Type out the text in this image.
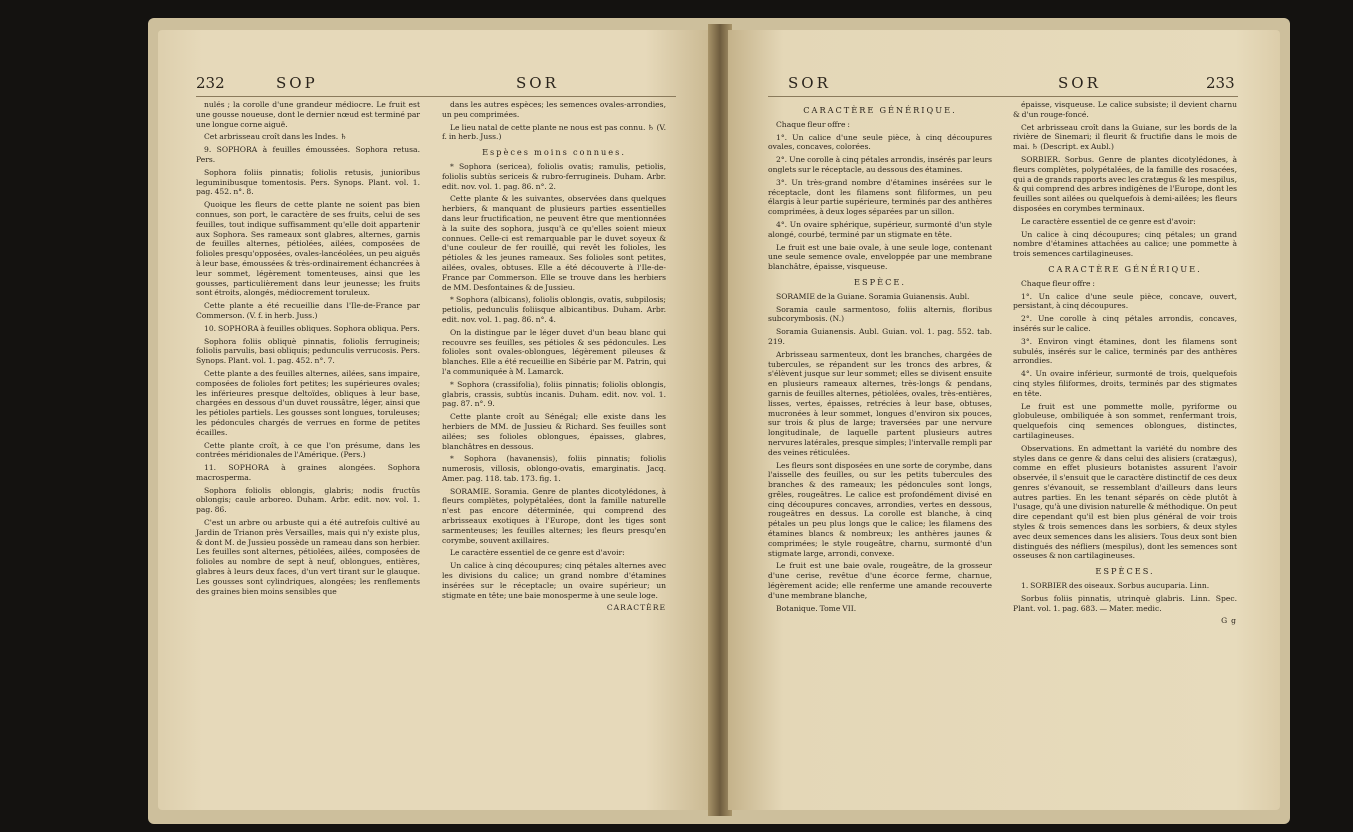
232	SOP	SOR

nulés ; la corolle d'une grandeur médiocre. Le fruit est une gousse noueuse, dont le dernier nœud est terminé par une longue corne aiguë.

Cet arbrisseau croît dans les Indes. ♄

9. SOPHORA à feuilles émoussées. Sophora retusa. Pers.

Sophora foliis pinnatis; foliolis retusis, junioribus leguminibusque tomentosis. Pers. Synops. Plant. vol. 1. pag. 452. n°. 8.

Quoique les fleurs de cette plante ne soient pas bien connues, son port, le caractère de ses fruits, celui de ses feuilles, tout indique suffisamment qu'elle doit appartenir aux Sophora. Ses rameaux sont glabres, alternes, garnis de feuilles alternes, pétiolées, ailées, composées de folioles presqu'opposées, ovales-lancéolées, un peu aiguës à leur base, émoussées & très-ordinairement échancrées à leur sommet, légèrement tomenteuses, ainsi que les gousses, particulièrement dans leur jeunesse; les fruits sont étroits, alongés, médiocrement toruleux.

Cette plante a été recueillie dans l'Ile-de-France par Commerson. (V. f. in herb. Juss.)

10. SOPHORA à feuilles obliques. Sophora obliqua. Pers.

Sophora foliis obliquè pinnatis, foliolis ferrugineis; foliolis parvulis, basi obliquis; pedunculis verrucosis. Pers. Synops. Plant. vol. 1. pag. 452. n°. 7.

Cette plante a des feuilles alternes, ailées, sans impaire, composées de folioles fort petites; les supérieures ovales; les inférieures presque deltoïdes, obliques à leur base, chargées en dessous d'un duvet roussâtre, léger, ainsi que les pétioles partiels. Les gousses sont longues, toruleuses; les pédoncules chargés de verrues en forme de petites écailles.

Cette plante croît, à ce que l'on présume, dans les contrées méridionales de l'Amérique. (Pers.)

11. SOPHORA à graines alongées. Sophora macrosperma.

Sophora foliolis oblongis, glabris; nodis fructûs oblongis; caule arboreo. Duham. Arbr. edit. nov. vol. 1. pag. 86.

C'est un arbre ou arbuste qui a été autrefois cultivé au Jardin de Trianon près Versailles, mais qui n'y existe plus, & dont M. de Jussieu possède un rameau dans son herbier. Les feuilles sont alternes, pétiolées, ailées, composées de folioles au nombre de sept à neuf, oblongues, entières, glabres à leurs deux faces, d'un vert tirant sur le glauque. Les gousses sont cylindriques, alongées; les renflements des graines bien moins sensibles que

dans les autres espèces; les semences ovales-arrondies, un peu comprimées.

Le lieu natal de cette plante ne nous est pas connu. ♄ (V. f. in herb. Juss.)

Espèces moins connues.

* Sophora (sericea), foliolis ovatis; ramulis, petiolis, foliolis subtùs sericeis & rubro-ferrugineis. Duham. Arbr. edit. nov. vol. 1. pag. 86. n°. 2.

Cette plante & les suivantes, observées dans quelques herbiers, & manquant de plusieurs parties essentielles dans leur fructification, ne peuvent être que mentionnées à la suite des sophora, jusqu'à ce qu'elles soient mieux connues. Celle-ci est remarquable par le duvet soyeux & d'une couleur de fer rouillé, qui revêt les folioles, les pétioles & les jeunes rameaux. Ses folioles sont petites, ailées, ovales, obtuses. Elle a été découverte à l'Ile-de-France par Commerson. Elle se trouve dans les herbiers de MM. Desfontaines & de Jussieu.

* Sophora (albicans), foliolis oblongis, ovatis, subpilosis; petiolis, pedunculis foliisque albicantibus. Duham. Arbr. edit. nov. vol. 1. pag. 86. n°. 4.

On la distingue par le léger duvet d'un beau blanc qui recouvre ses feuilles, ses pétioles & ses pédoncules. Les folioles sont ovales-oblongues, légèrement pileuses & blanches. Elle a été recueillie en Sibérie par M. Patrin, qui l'a communiquée à M. Lamarck.

* Sophora (crassifolia), foliis pinnatis; foliolis oblongis, glabris, crassis, subtùs incanis. Duham. edit. nov. vol. 1. pag. 87. n°. 9.

Cette plante croît au Sénégal; elle existe dans les herbiers de MM. de Jussieu & Richard. Ses feuilles sont ailées; ses folioles oblongues, épaisses, glabres, blanchâtres en dessous.

* Sophora (havanensis), foliis pinnatis; foliolis numerosis, villosis, oblongo-ovatis, emarginatis. Jacq. Amer. pag. 118. tab. 173. fig. 1.

SORAMIE. Soramia. Genre de plantes dicotylédones, à fleurs complètes, polypétalées, dont la famille naturelle n'est pas encore déterminée, qui comprend des arbrisseaux exotiques à l'Europe, dont les tiges sont sarmenteuses; les feuilles alternes; les fleurs presqu'en corymbe, souvent axillaires.

Le caractère essentiel de ce genre est d'avoir:

Un calice à cinq découpures; cinq pétales alternes avec les divisions du calice; un grand nombre d'étamines insérées sur le réceptacle; un ovaire supérieur; un stigmate en tête; une baie monosperme à une seule loge.

CARACTÈRE

SOR	SOR	233

CARACTÈRE GÉNÉRIQUE.

Chaque fleur offre :

1°. Un calice d'une seule pièce, à cinq découpures ovales, concaves, colorées.

2°. Une corolle à cinq pétales arrondis, insérés par leurs onglets sur le réceptacle, au dessous des étamines.

3°. Un très-grand nombre d'étamines insérées sur le réceptacle, dont les filamens sont filiformes, un peu élargis à leur partie supérieure, terminés par des anthères comprimées, à deux loges séparées par un sillon.

4°. Un ovaire sphérique, supérieur, surmonté d'un style alongé, courbé, terminé par un stigmate en tête.

Le fruit est une baie ovale, à une seule loge, contenant une seule semence ovale, enveloppée par une membrane blanchâtre, épaisse, visqueuse.

ESPÈCE.

SORAMIE de la Guiane. Soramia Guianensis. Aubl.

Soramia caule sarmentoso, foliis alternis, floribus subcorymbosis. (N.)

Soramia Guianensis. Aubl. Guian. vol. 1. pag. 552. tab. 219.

Arbrisseau sarmenteux, dont les branches, chargées de tubercules, se répandent sur les troncs des arbres, & s'élèvent jusque sur leur sommet; elles se divisent ensuite en plusieurs rameaux alternes, très-longs & pendans, garnis de feuilles alternes, pétiolées, ovales, très-entières, lisses, vertes, épaisses, retrécies à leur base, obtuses, mucronées à leur sommet, longues d'environ six pouces, sur trois & plus de large; traversées par une nervure longitudinale, de laquelle partent plusieurs autres nervures latérales, presque simples; l'intervalle rempli par des veines réticulées.

Les fleurs sont disposées en une sorte de corymbe, dans l'aisselle des feuilles, ou sur les petits tubercules des branches & des rameaux; les pédoncules sont longs, grêles, rougeâtres. Le calice est profondément divisé en cinq découpures concaves, arrondies, vertes en dessous, rougeâtres en dessus. La corolle est blanche, à cinq pétales un peu plus longs que le calice; les filamens des étamines blancs & nombreux; les anthères jaunes & comprimées; le style rougeâtre, charnu, surmonté d'un stigmate large, arrondi, convexe.

Le fruit est une baie ovale, rougeâtre, de la grosseur d'une cerise, revêtue d'une écorce ferme, charnue, légèrement acide; elle renferme une amande recouverte d'une membrane blanche,

Botanique. Tome VII.

épaisse, visqueuse. Le calice subsiste; il devient charnu & d'un rouge-foncé.

Cet arbrisseau croît dans la Guiane, sur les bords de la rivière de Sinemari; il fleurit & fructifie dans le mois de mai. ♄ (Descript. ex Aubl.)

SORBIER. Sorbus. Genre de plantes dicotylédones, à fleurs complètes, polypétalées, de la famille des rosacées, qui a de grands rapports avec les cratægus & les mespilus, & qui comprend des arbres indigènes de l'Europe, dont les feuilles sont ailées ou quelquefois à demi-ailées; les fleurs disposées en corymbes terminaux.

Le caractère essentiel de ce genre est d'avoir:

Un calice à cinq découpures; cinq pétales; un grand nombre d'étamines attachées au calice; une pommette à trois semences cartilagineuses.

CARACTÈRE GÉNÉRIQUE.

Chaque fleur offre :

1°. Un calice d'une seule pièce, concave, ouvert, persistant, à cinq découpures.

2°. Une corolle à cinq pétales arrondis, concaves, insérés sur le calice.

3°. Environ vingt étamines, dont les filamens sont subulés, insérés sur le calice, terminés par des anthères arrondies.

4°. Un ovaire inférieur, surmonté de trois, quelquefois cinq styles filiformes, droits, terminés par des stigmates en tête.

Le fruit est une pommette molle, pyriforme ou globuleuse, ombiliquée à son sommet, renfermant trois, quelquefois cinq semences oblongues, distinctes, cartilagineuses.

Observations. En admettant la variété du nombre des styles dans ce genre & dans celui des alisiers (cratægus), comme en effet plusieurs botanistes assurent l'avoir observée, il s'ensuit que le caractère distinctif de ces deux genres s'évanouit, se ressemblant d'ailleurs dans leurs autres parties. En les tenant séparés on cède plutôt à l'usage, qu'à une division naturelle & méthodique. On peut dire cependant qu'il est bien plus général de voir trois styles & trois semences dans les sorbiers, & deux styles avec deux semences dans les alisiers. Tous deux sont bien distingués des néfliers (mespilus), dont les semences sont osseuses & non cartilagineuses.

ESPÈCES.

1. SORBIER des oiseaux. Sorbus aucuparia. Linn.

Sorbus foliis pinnatis, utrinquè glabris. Linn. Spec. Plant. vol. 1. pag. 683. — Mater. medic.

G g
